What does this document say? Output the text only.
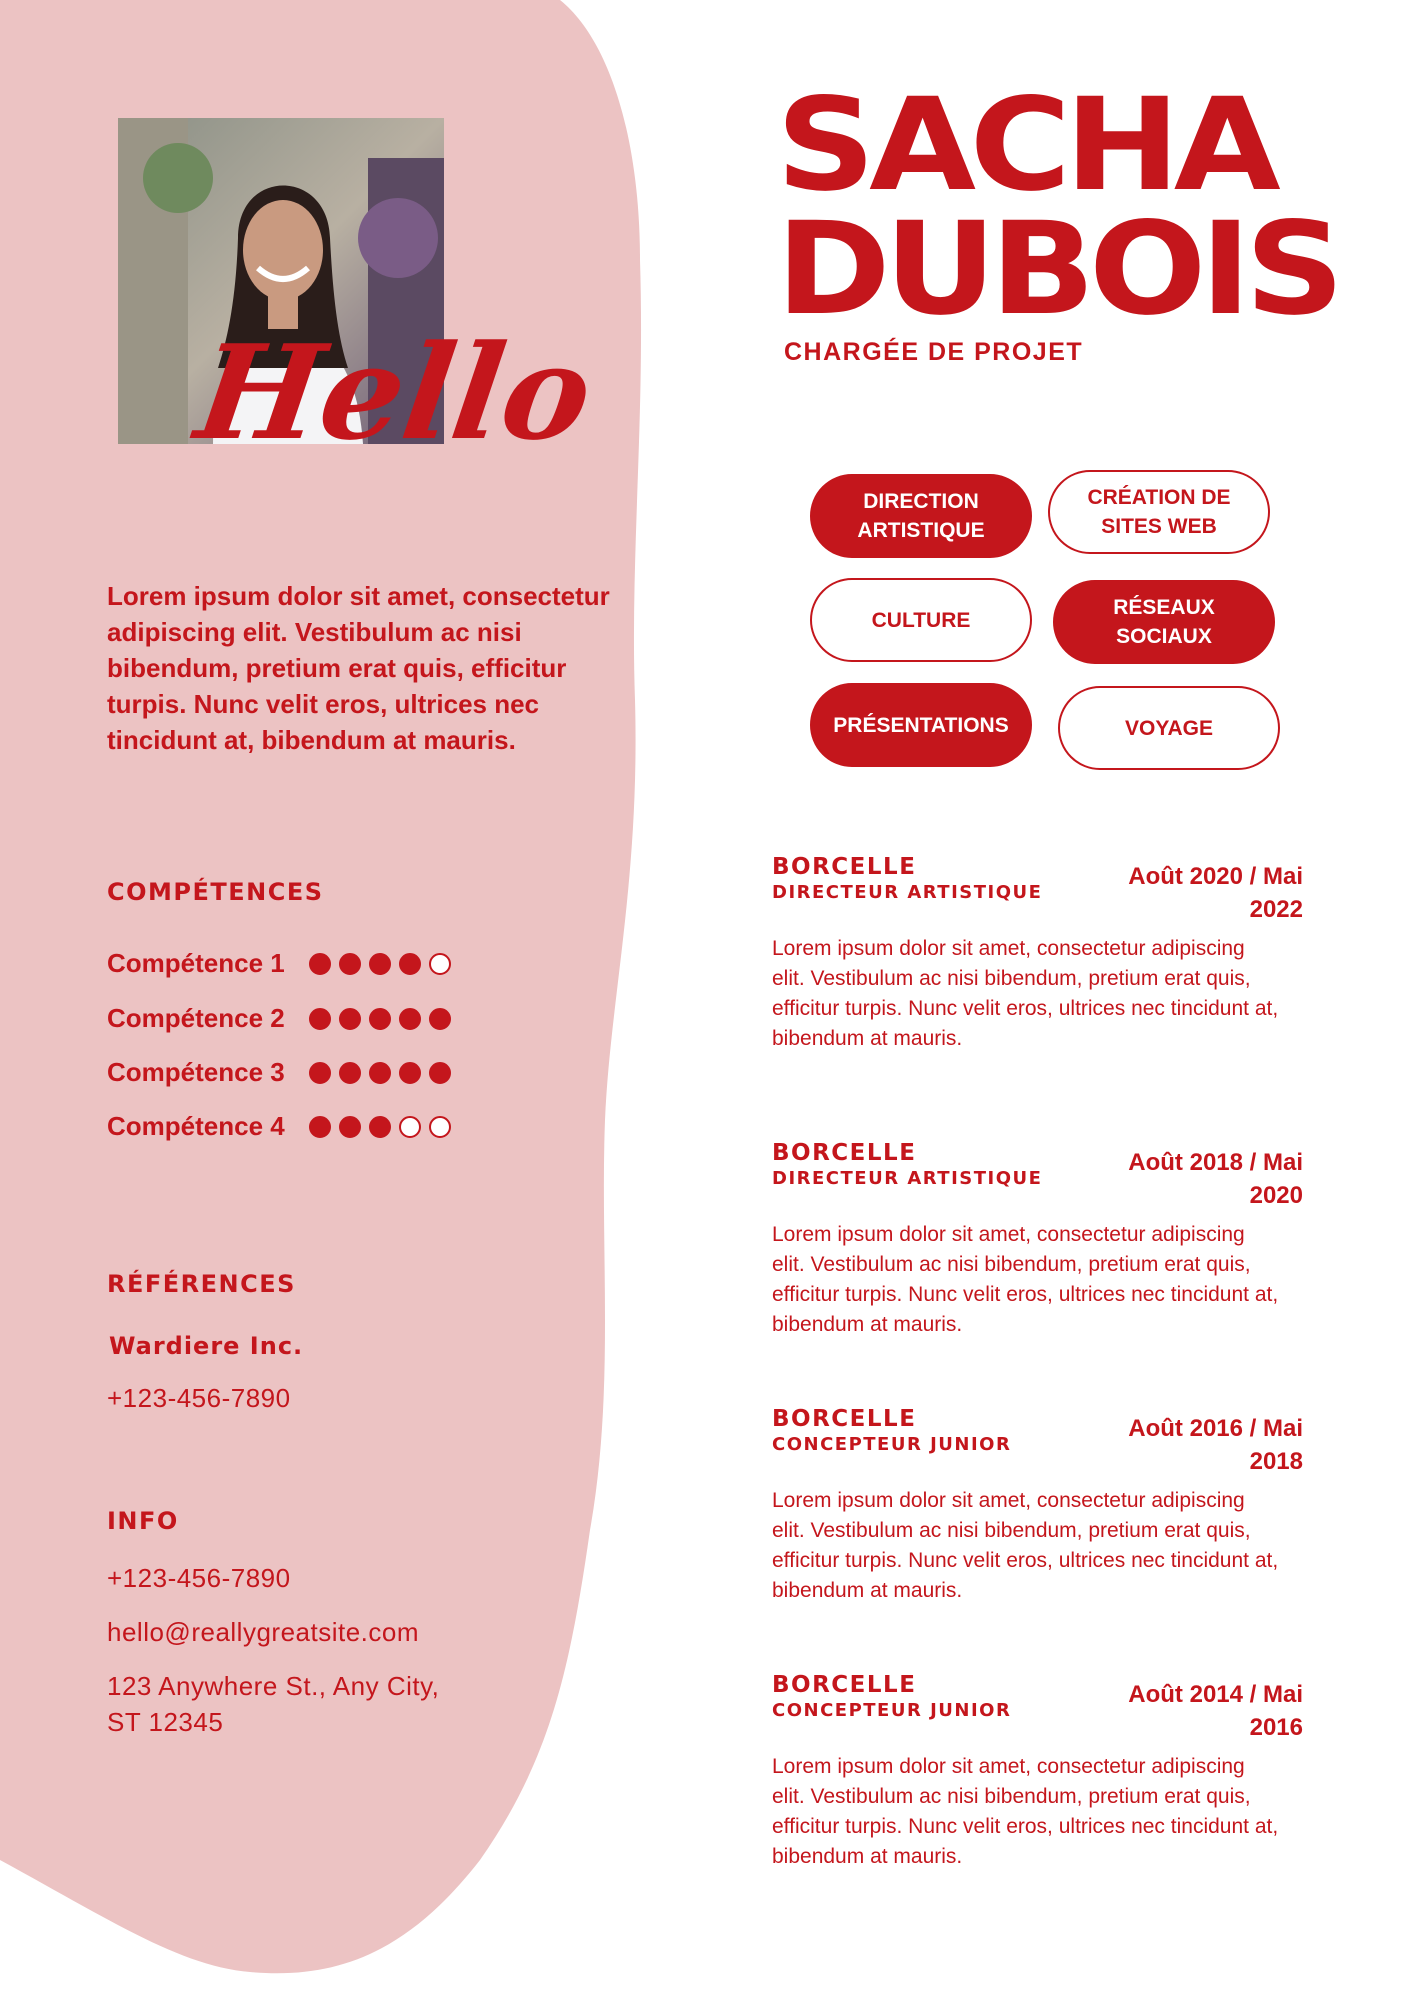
Hello
Lorem ipsum dolor sit amet, consectetur adipiscing elit. Vestibulum ac nisi bibendum, pretium erat quis, efficitur turpis. Nunc velit eros, ultrices nec tincidunt at, bibendum at mauris.
COMPÉTENCES
Compétence 1
Compétence 2
Compétence 3
Compétence 4
RÉFÉRENCES
Wardiere Inc.
+123-456-7890
INFO
+123-456-7890
hello@reallygreatsite.com
123 Anywhere St., Any City,
ST 12345
SACHA
DUBOIS
CHARGÉE DE PROJET
DIRECTION ARTISTIQUE
CRÉATION DE SITES WEB
CULTURE
RÉSEAUX SOCIAUX
PRÉSENTATIONS	VOYAGE
BORCELLE
DIRECTEUR ARTISTIQUE
Août 2020 / Mai
2022
Lorem ipsum dolor sit amet, consectetur adipiscing elit. Vestibulum ac nisi bibendum, pretium erat quis, efficitur turpis. Nunc velit eros, ultrices nec tincidunt at, bibendum at mauris.
BORCELLE
DIRECTEUR ARTISTIQUE
Août 2018 / Mai
2020
Lorem ipsum dolor sit amet, consectetur adipiscing elit. Vestibulum ac nisi bibendum, pretium erat quis, efficitur turpis. Nunc velit eros, ultrices nec tincidunt at, bibendum at mauris.
BORCELLE
CONCEPTEUR JUNIOR
Août 2016 / Mai
2018
Lorem ipsum dolor sit amet, consectetur adipiscing elit. Vestibulum ac nisi bibendum, pretium erat quis, efficitur turpis. Nunc velit eros, ultrices nec tincidunt at, bibendum at mauris.
BORCELLE
CONCEPTEUR JUNIOR
Août 2014 / Mai
2016
Lorem ipsum dolor sit amet, consectetur adipiscing elit. Vestibulum ac nisi bibendum, pretium erat quis, efficitur turpis. Nunc velit eros, ultrices nec tincidunt at, bibendum at mauris.
